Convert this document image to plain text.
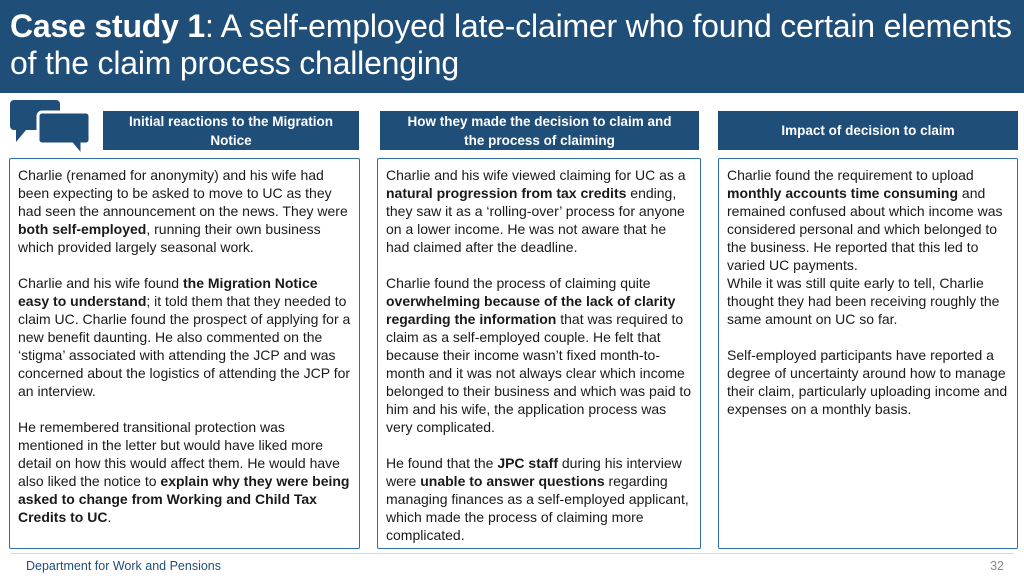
Case study 1: A self-employed late-claimer who found certain elements of the claim process challenging
Initial reactions to the Migration
Notice

Charlie (renamed for anonymity) and his wife had been expecting to be asked to move to UC as they had seen the announcement on the news. They were both self-employed, running their own business which provided largely seasonal work.

Charlie and his wife found the Migration Notice easy to understand; it told them that they needed to claim UC. Charlie found the prospect of applying for a new benefit daunting. He also commented on the ‘stigma’ associated with attending the JCP and was concerned about the logistics of attending the JCP for an interview.

He remembered transitional protection was mentioned in the letter but would have liked more detail on how this would affect them. He would have also liked the notice to explain why they were being asked to change from Working and Child Tax Credits to UC.

How they made the decision to claim and
the process of claiming

Charlie and his wife viewed claiming for UC as a natural progression from tax credits ending, they saw it as a ‘rolling-over’ process for anyone on a lower income. He was not aware that he had claimed after the deadline.

Charlie found the process of claiming quite overwhelming because of the lack of clarity regarding the information that was required to claim as a self-employed couple. He felt that because their income wasn’t fixed month-to-month and it was not always clear which income belonged to their business and which was paid to him and his wife, the application process was very complicated.

He found that the JPC staff during his interview were unable to answer questions regarding managing finances as a self-employed applicant, which made the process of claiming more complicated.

Impact of decision to claim

Charlie found the requirement to upload monthly accounts time consuming and remained confused about which income was considered personal and which belonged to the business. He reported that this led to varied UC payments.

While it was still quite early to tell, Charlie thought they had been receiving roughly the same amount on UC so far.

Self-employed participants have reported a degree of uncertainty around how to manage their claim, particularly uploading income and expenses on a monthly basis.

Department for Work and Pensions	32
